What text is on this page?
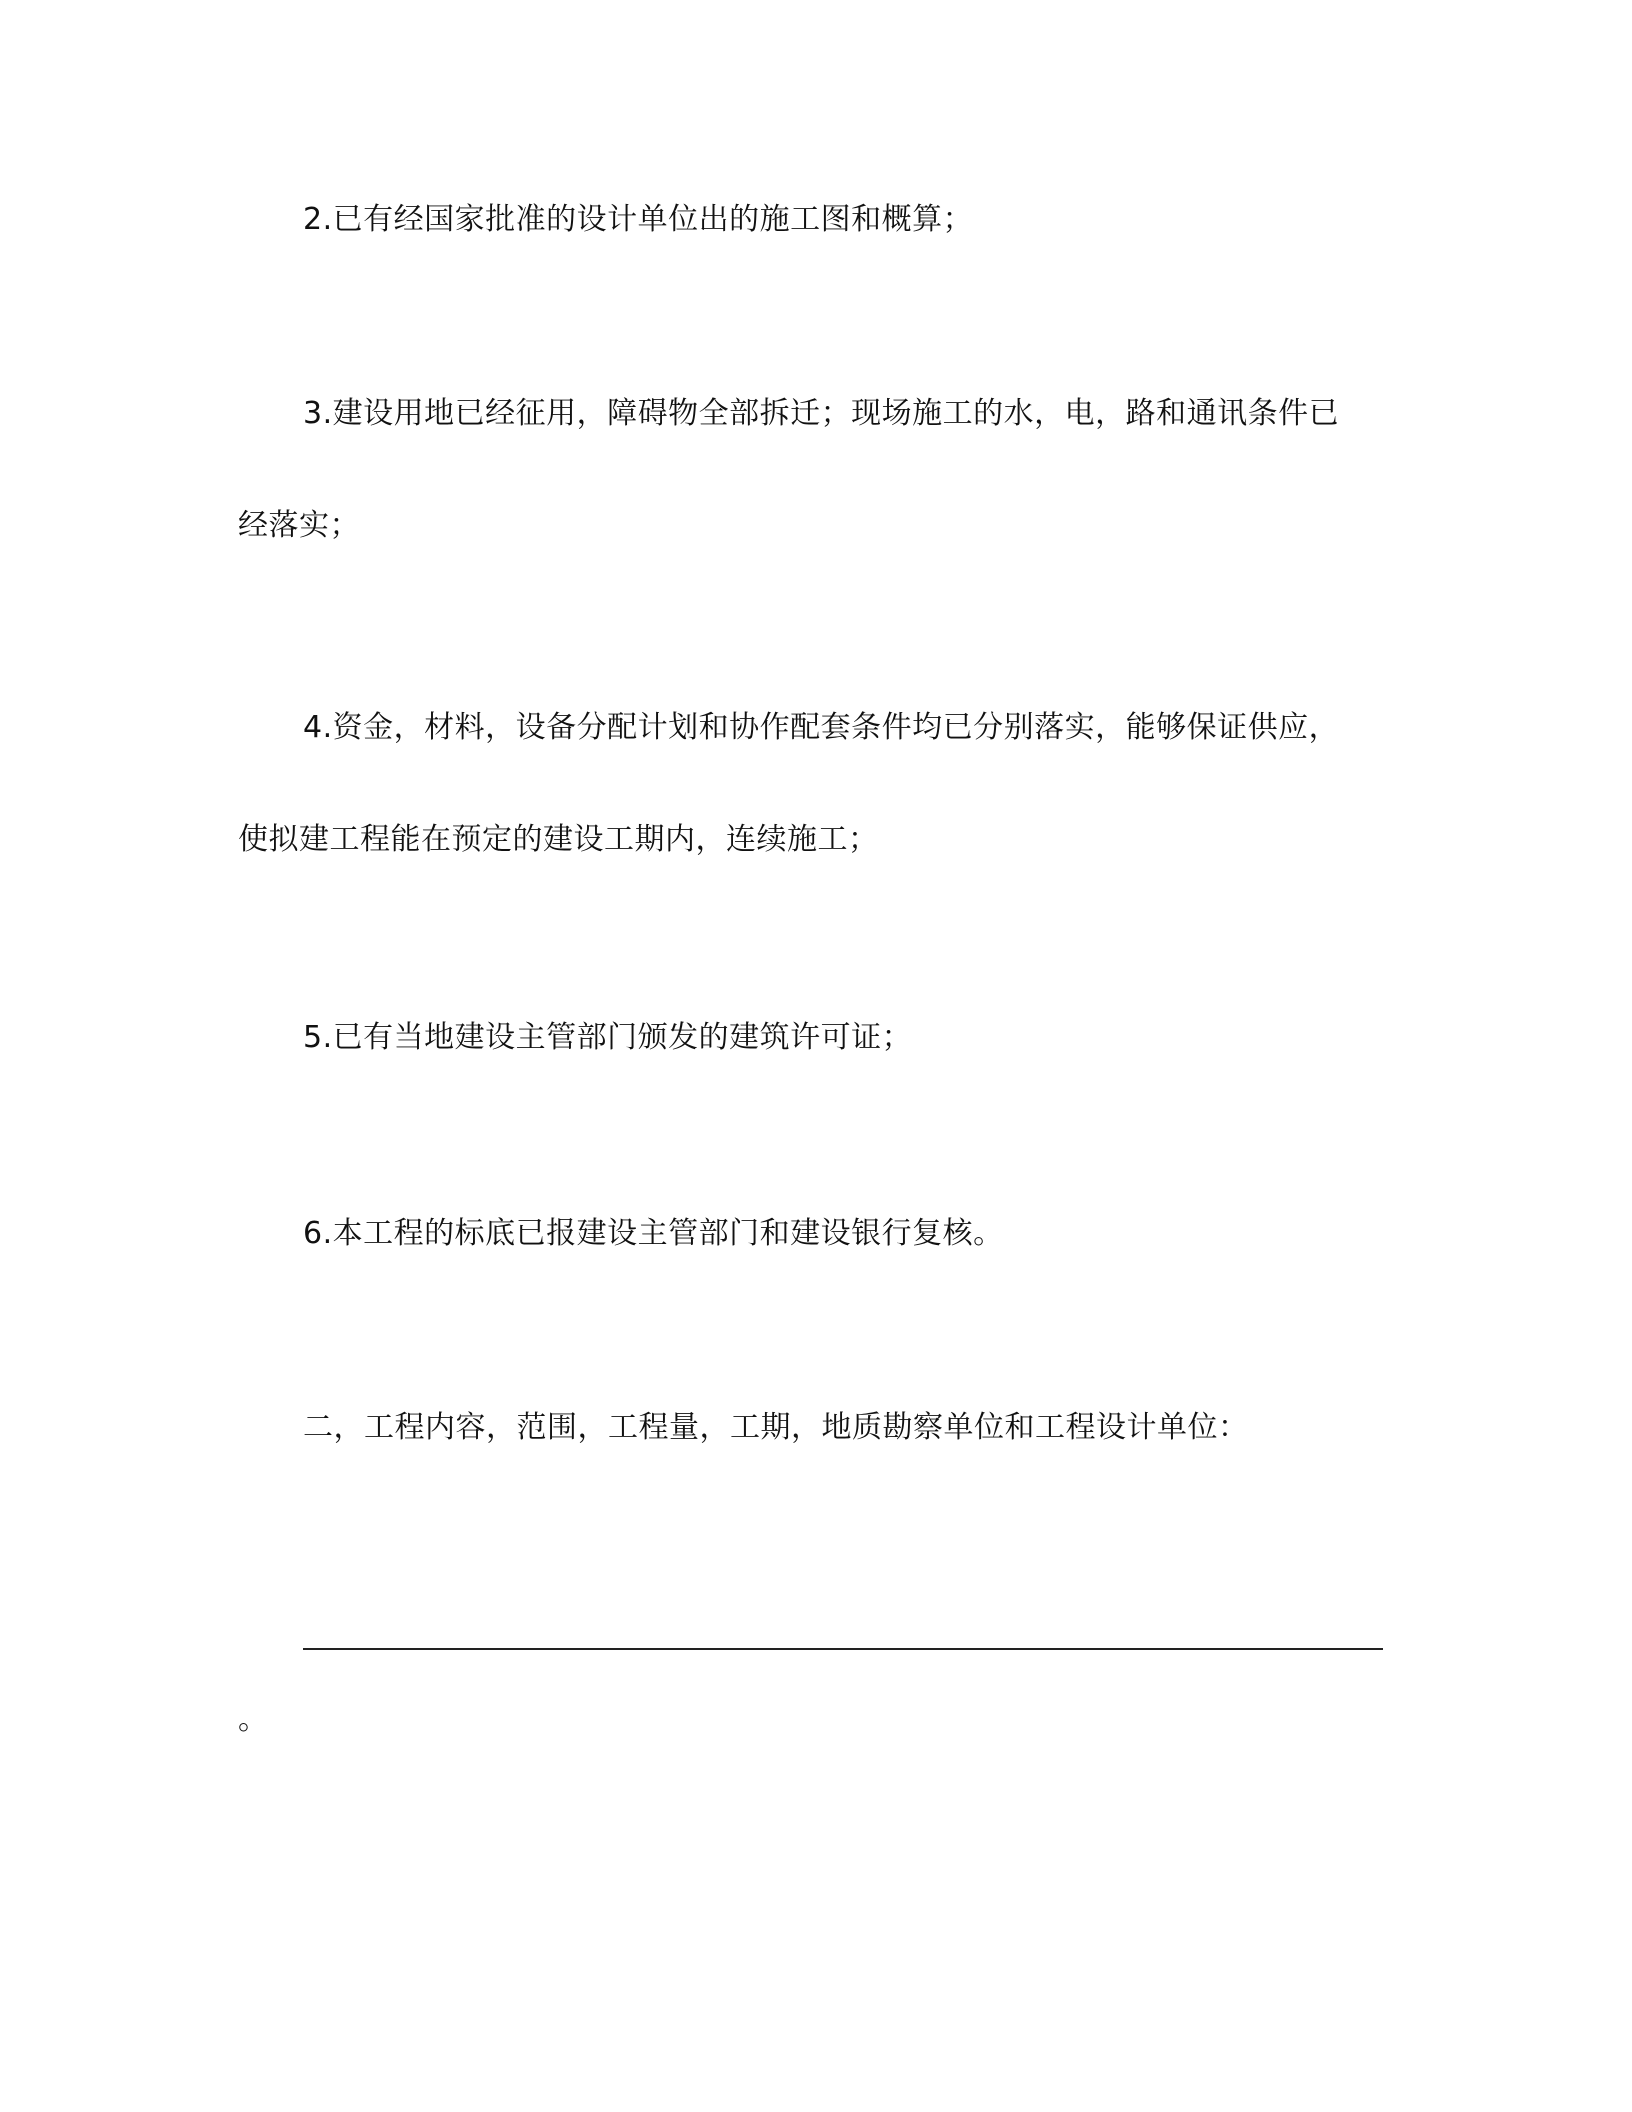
2.已有经国家批准的设计单位出的施工图和概算；
3.建设用地已经征用，障碍物全部拆迁；现场施工的水，电，路和通讯条件已
经落实；
4.资金，材料，设备分配计划和协作配套条件均已分别落实，能够保证供应，
使拟建工程能在预定的建设工期内，连续施工；
5.已有当地建设主管部门颁发的建筑许可证；
6.本工程的标底已报建设主管部门和建设银行复核。
二，工程内容，范围，工程量，工期，地质勘察单位和工程设计单位：
。
